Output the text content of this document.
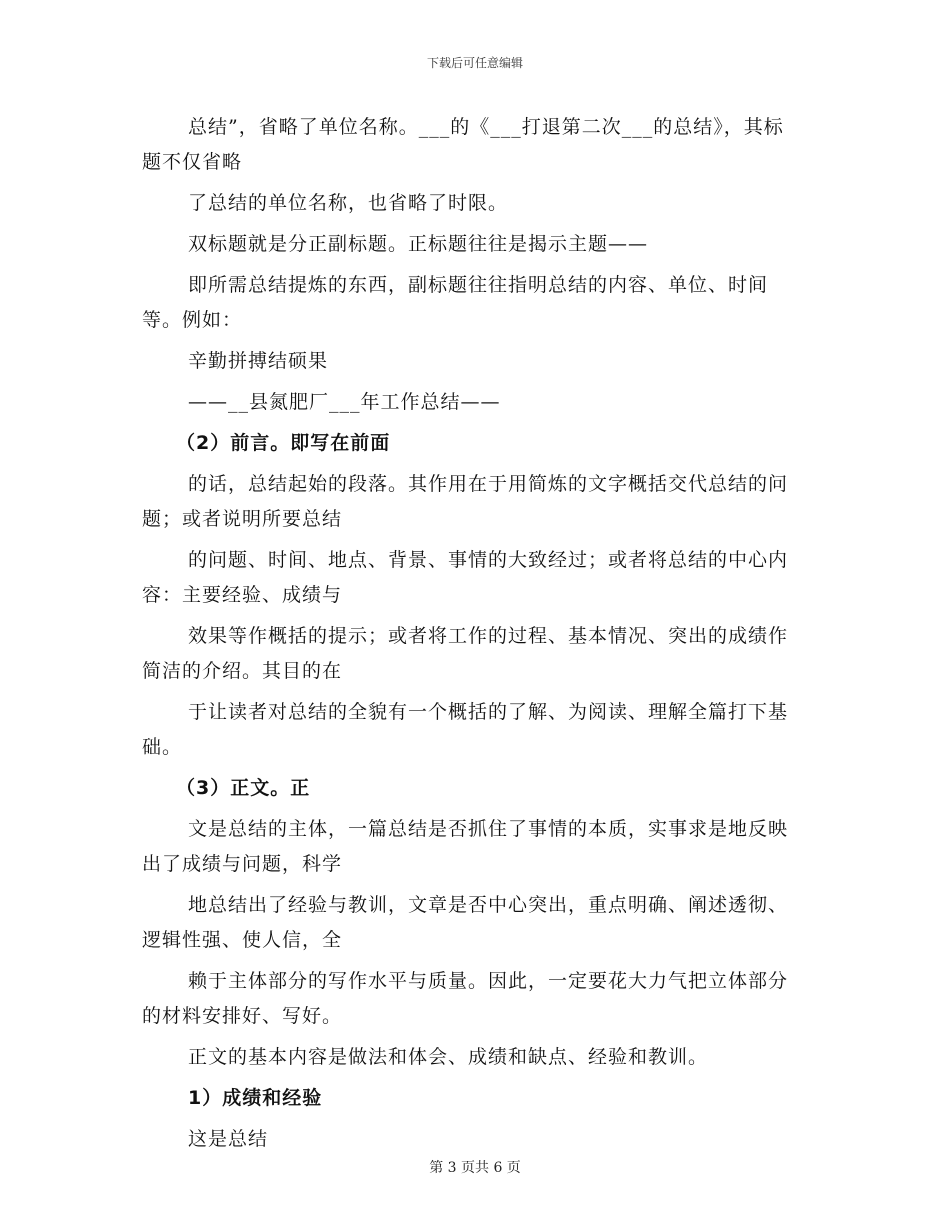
下载后可任意编辑

总结”，省略了单位名称。___的《___打退第二次___的总结》，其标题不仅省略

了总结的单位名称，也省略了时限。

双标题就是分正副标题。正标题往往是揭示主题——

即所需总结提炼的东西，副标题往往指明总结的内容、单位、时间等。例如：

辛勤拼搏结硕果

——__县氮肥厂___年工作总结——

（2）前言。即写在前面

的话，总结起始的段落。其作用在于用简炼的文字概括交代总结的问题；或者说明所要总结

的问题、时间、地点、背景、事情的大致经过；或者将总结的中心内容：主要经验、成绩与

效果等作概括的提示；或者将工作的过程、基本情况、突出的成绩作简洁的介绍。其目的在

于让读者对总结的全貌有一个概括的了解、为阅读、理解全篇打下基础。

（3）正文。正

文是总结的主体，一篇总结是否抓住了事情的本质，实事求是地反映出了成绩与问题，科学

地总结出了经验与教训，文章是否中心突出，重点明确、阐述透彻、逻辑性强、使人信，全

赖于主体部分的写作水平与质量。因此，一定要花大力气把立体部分的材料安排好、写好。

正文的基本内容是做法和体会、成绩和缺点、经验和教训。

1）成绩和经验

这是总结

第 3 页共 6 页
